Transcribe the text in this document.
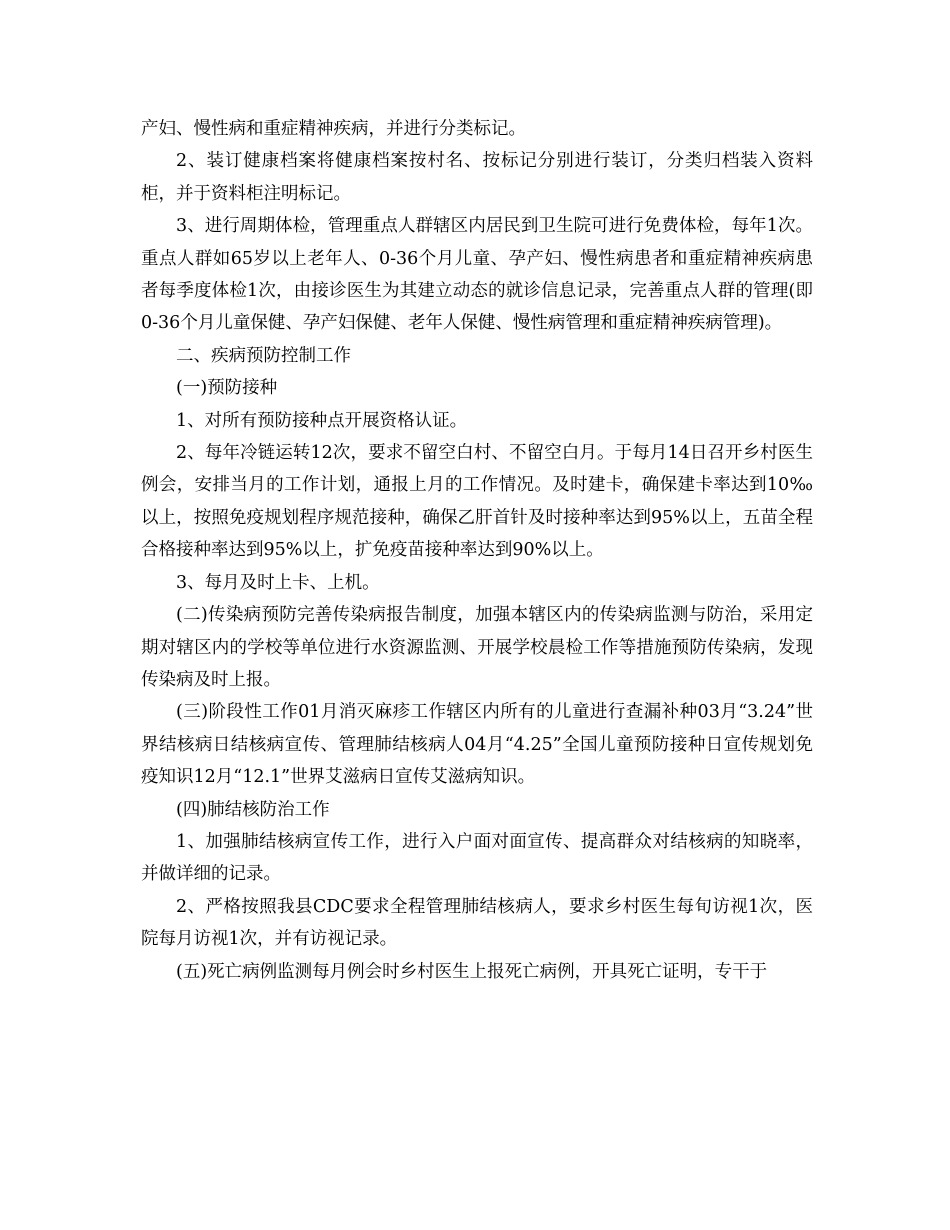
产妇、慢性病和重症精神疾病，并进行分类标记。

2、装订健康档案将健康档案按村名、按标记分别进行装订，分类归档装入资料柜，并于资料柜注明标记。

3、进行周期体检，管理重点人群辖区内居民到卫生院可进行免费体检，每年1次。重点人群如65岁以上老年人、0-36个月儿童、孕产妇、慢性病患者和重症精神疾病患者每季度体检1次，由接诊医生为其建立动态的就诊信息记录，完善重点人群的管理(即0-36个月儿童保健、孕产妇保健、老年人保健、慢性病管理和重症精神疾病管理)。

二、疾病预防控制工作

(一)预防接种

1、对所有预防接种点开展资格认证。

2、每年冷链运转12次，要求不留空白村、不留空白月。于每月14日召开乡村医生例会，安排当月的工作计划，通报上月的工作情况。及时建卡，确保建卡率达到10‰以上，按照免疫规划程序规范接种，确保乙肝首针及时接种率达到95%以上，五苗全程合格接种率达到95%以上，扩免疫苗接种率达到90%以上。

3、每月及时上卡、上机。

(二)传染病预防完善传染病报告制度，加强本辖区内的传染病监测与防治，采用定期对辖区内的学校等单位进行水资源监测、开展学校晨检工作等措施预防传染病，发现传染病及时上报。

(三)阶段性工作01月消灭麻疹工作辖区内所有的儿童进行查漏补种03月“3.24”世界结核病日结核病宣传、管理肺结核病人04月“4.25”全国儿童预防接种日宣传规划免疫知识12月“12.1”世界艾滋病日宣传艾滋病知识。

(四)肺结核防治工作

1、加强肺结核病宣传工作，进行入户面对面宣传、提高群众对结核病的知晓率，并做详细的记录。

2、严格按照我县CDC要求全程管理肺结核病人，要求乡村医生每旬访视1次，医院每月访视1次，并有访视记录。

(五)死亡病例监测每月例会时乡村医生上报死亡病例，开具死亡证明，专干于
